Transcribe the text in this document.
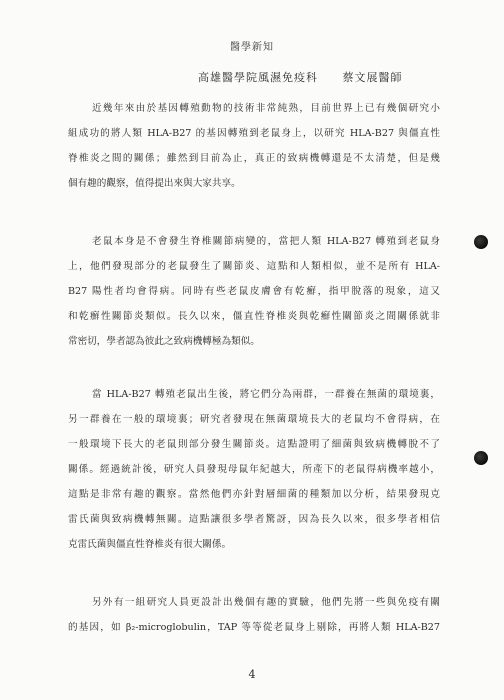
醫學新知
高雄醫學院風濕免疫科 蔡文展醫師
近幾年來由於基因轉殖動物的技術非常純熟，目前世界上已有幾個研究小
組成功的將人類 HLA-B27 的基因轉殖到老鼠身上，以研究 HLA-B27 與僵直性
脊椎炎之間的關係；雖然到目前為止，真正的致病機轉還是不太清楚，但是幾
個有趣的觀察，值得提出來與大家共享。
老鼠本身是不會發生脊椎關節病變的，當把人類 HLA-B27 轉殖到老鼠身
上，他們發現部分的老鼠發生了關節炎、這點和人類相似，並不是所有 HLA-
B27 陽性者均會得病。同時有些老鼠皮膚會有乾癬，指甲脫落的現象，這又
和乾癬性關節炎類似。長久以來，僵直性脊椎炎與乾癬性關節炎之間關係就非
常密切，學者認為彼此之致病機轉極為類似。
當 HLA-B27 轉殖老鼠出生後，將它們分為兩群，一群養在無菌的環境裏，
另一群養在一般的環境裏；研究者發現在無菌環境長大的老鼠均不會得病，在
一般環境下長大的老鼠則部分發生關節炎。這點證明了細菌與致病機轉脫不了
關係。經過統計後，研究人員發現母鼠年紀越大，所產下的老鼠得病機率越小，
這點是非常有趣的觀察。當然他們亦針對層細菌的種類加以分析，結果發現克
雷氏菌與致病機轉無關。這點讓很多學者驚訝，因為長久以來，很多學者相信
克雷氏菌與僵直性脊椎炎有很大關係。
另外有一組研究人員更設計出幾個有趣的實驗，他們先將一些與免疫有關
的基因，如 β₂-microglobulin，TAP 等等從老鼠身上剔除，再將人類 HLA-B27
4
